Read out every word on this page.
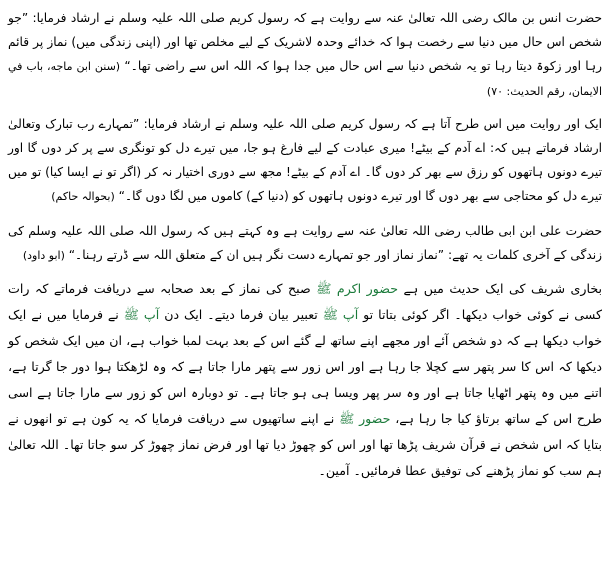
حضرت انس بن مالک رضی اللہ تعالیٰ عنہ سے روایت ہے کہ رسول کریم صلی اللہ علیہ وسلم نے ارشاد فرمایا: ”جو شخص اس حال میں دنیا سے رخصت ہوا کہ خدائے وحدہ لاشریک کے لیے مخلص تھا اور (اپنی زندگی میں) نماز پر قائم رہا اور زکوۃ دیتا رہا تو یہ شخص دنیا سے اس حال میں جدا ہوا کہ اللہ اس سے راضی تھا۔“ (سنن ابن ماجه، باب في الايمان، رقم الحديث: ٧٠)

ایک اور روایت میں اس طرح آتا ہے کہ رسول کریم صلی اللہ علیہ وسلم نے ارشاد فرمایا: ”تمہارے رب تبارک وتعالیٰ ارشاد فرماتے ہیں کہ: اے آدم کے بیٹے! میری عبادت کے لیے فارغ ہو جا، میں تیرے دل کو تونگری سے پر کر دوں گا اور تیرے دونوں ہاتھوں کو رزق سے بھر کر دوں گا۔ اے آدم کے بیٹے! مجھ سے دوری اختیار نہ کر (اگر تو نے ایسا کیا) تو میں تیرے دل کو محتاجی سے بھر دوں گا اور تیرے دونوں ہاتھوں کو (دنیا کے) کاموں میں لگا دوں گا۔“ (بحوالہ حاکم)

حضرت علی ابن ابی طالب رضی اللہ تعالیٰ عنہ سے روایت ہے وہ کہتے ہیں کہ رسول اللہ صلی اللہ علیہ وسلم کی زندگی کے آخری کلمات یہ تھے: ”نماز نماز اور جو تمہارے دست نگر ہیں ان کے متعلق اللہ سے ڈرتے رہنا۔“ (ابو داود)

بخاری شریف کی ایک حدیث میں ہے حضور اکرم ﷺ صبح کی نماز کے بعد صحابہ سے دریافت فرماتے کہ رات کسی نے کوئی خواب دیکھا۔ اگر کوئی بتاتا تو آپ ﷺ تعبیر بیان فرما دیتے۔ ایک دن آپ ﷺ نے فرمایا میں نے ایک خواب دیکھا ہے کہ دو شخص آئے اور مجھے اپنے ساتھ لے گئے اس کے بعد بہت لمبا خواب ہے، ان میں ایک شخص کو دیکھا کہ اس کا سر پتھر سے کچلا جا رہا ہے اور اس زور سے پتھر مارا جاتا ہے کہ وہ لڑھکتا ہوا دور جا گرتا ہے، اتنے میں وہ پتھر اٹھایا جاتا ہے اور وہ سر پھر ویسا ہی ہو جاتا ہے۔ تو دوبارہ اس کو زور سے مارا جاتا ہے اسی طرح اس کے ساتھ برتاؤ کیا جا رہا ہے، حضور ﷺ نے اپنے ساتھیوں سے دریافت فرمایا کہ یہ کون ہے تو انھوں نے بتایا کہ اس شخص نے قرآن شریف پڑھا تھا اور اس کو چھوڑ دیا تھا اور فرض نماز چھوڑ کر سو جاتا تھا۔ اللہ تعالیٰ ہم سب کو نماز پڑھنے کی توفیق عطا فرمائیں۔ آمین۔
